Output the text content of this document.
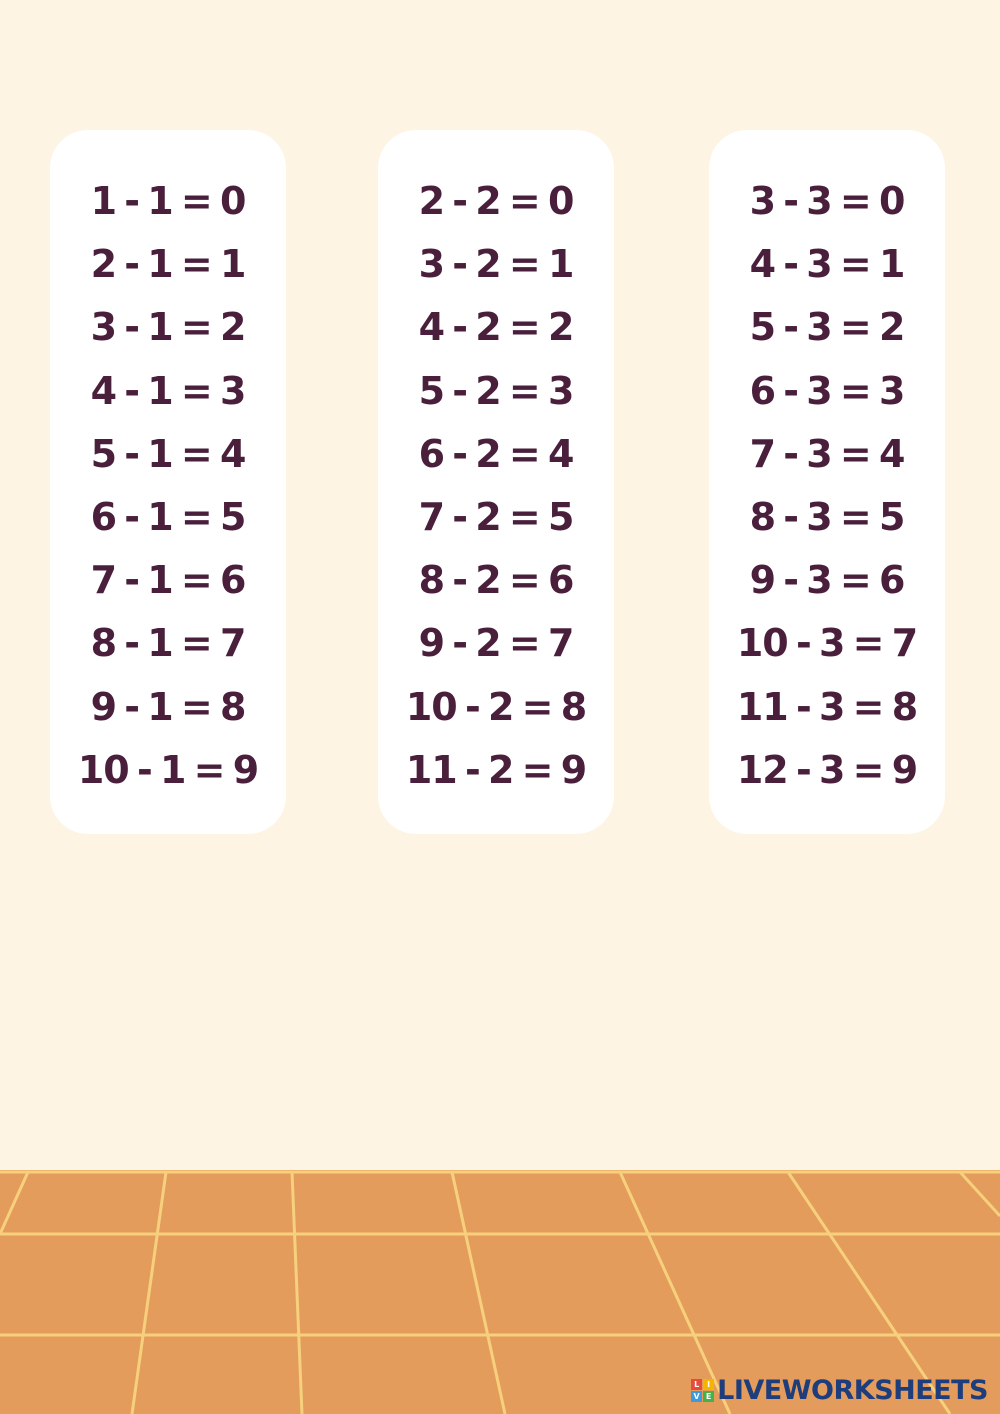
1 - 1 = 0
2 - 1 = 1
3 - 1 = 2
4 - 1 = 3
5 - 1 = 4
6 - 1 = 5
7 - 1 = 6
8 - 1 = 7
9 - 1 = 8
10 - 1 = 9
2 - 2 = 0
3 - 2 = 1
4 - 2 = 2
5 - 2 = 3
6 - 2 = 4
7 - 2 = 5
8 - 2 = 6
9 - 2 = 7
10 - 2 = 8
11 - 2 = 9
3 - 3 = 0
4 - 3 = 1
5 - 3 = 2
6 - 3 = 3
7 - 3 = 4
8 - 3 = 5
9 - 3 = 6
10 - 3 = 7
11 - 3 = 8
12 - 3 = 9
L I
V E LIVEWORKSHEETS
